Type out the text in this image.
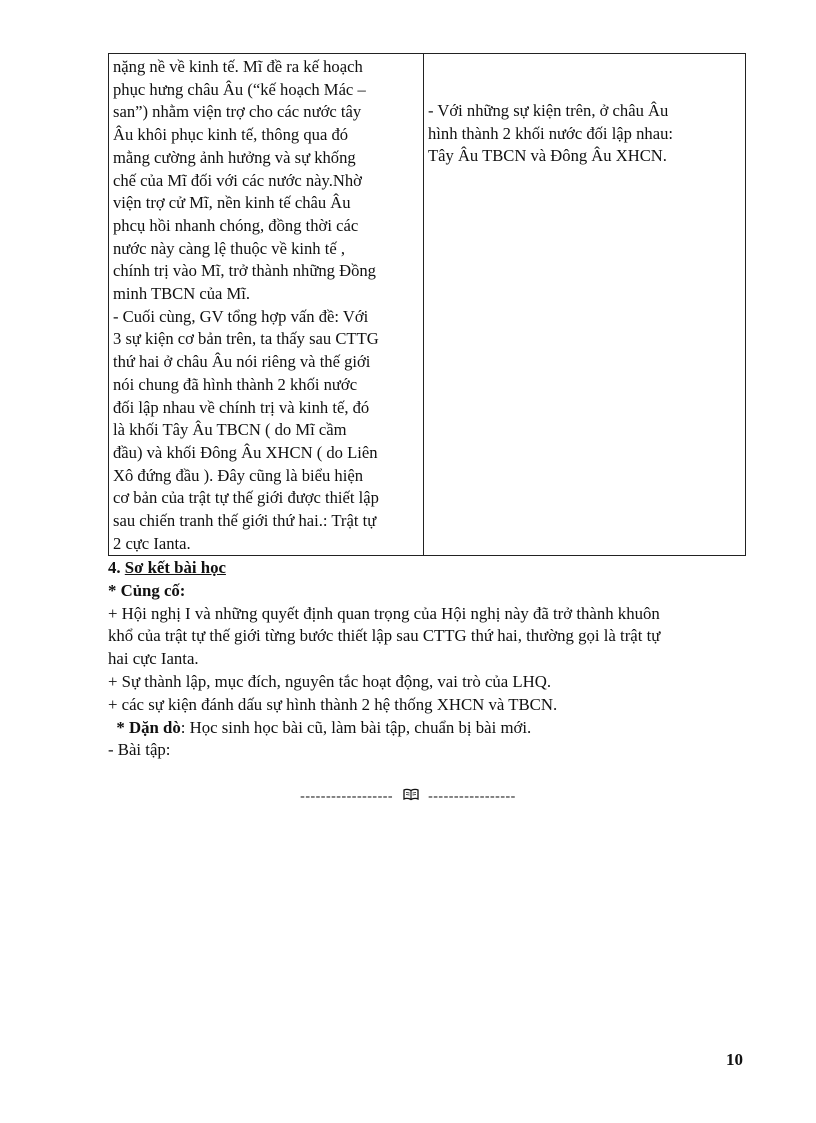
nặng nề về kinh tế. Mĩ đề ra kế hoạch
phục hưng châu Âu (“kế hoạch Mác –
san”) nhằm viện trợ cho các nước tây
Âu khôi phục kinh tế, thông qua đó
mằng cường ảnh hưởng và sự khống
chế của Mĩ đối với các nước này.Nhờ
viện trợ cử Mĩ, nền kinh tế châu Âu
phcụ hồi nhanh chóng, đồng thời các
nước này càng lệ thuộc về kinh tế ,
chính trị vào Mĩ, trở thành những Đồng
minh TBCN của Mĩ.
- Cuối cùng, GV tổng hợp vấn đề: Với
3 sự kiện cơ bản trên, ta thấy sau CTTG
thứ hai ở châu Âu nói riêng và thế giới
nói chung đã hình thành 2 khối nước
đối lập nhau về chính trị và kinh tế, đó
là khối Tây Âu TBCN ( do Mĩ cầm
đầu) và khối Đông Âu XHCN ( do Liên
Xô đứng đầu ). Đây cũng là biểu hiện
cơ bản của trật tự thế giới được thiết lập
sau chiến tranh thế giới thứ hai.: Trật tự
2 cực Ianta.
- Với những sự kiện trên, ở châu Âu
hình thành 2 khối nước đối lập nhau:
Tây Âu TBCN và Đông Âu XHCN.
4. Sơ kết bài học
* Củng cố:
+ Hội nghị I và những quyết định quan trọng của Hội nghị này đã trở thành khuôn
khổ của trật tự thế giới từng bước thiết lập sau CTTG thứ hai, thường gọi là trật tự
hai cực Ianta.
+ Sự thành lập, mục đích, nguyên tắc hoạt động, vai trò của LHQ.
+ các sự kiện đánh dấu sự hình thành 2 hệ thống XHCN và TBCN.
* Dặn dò: Học sinh học bài cũ, làm bài tập, chuẩn bị bài mới.
- Bài tập:
------------------	-----------------
10
